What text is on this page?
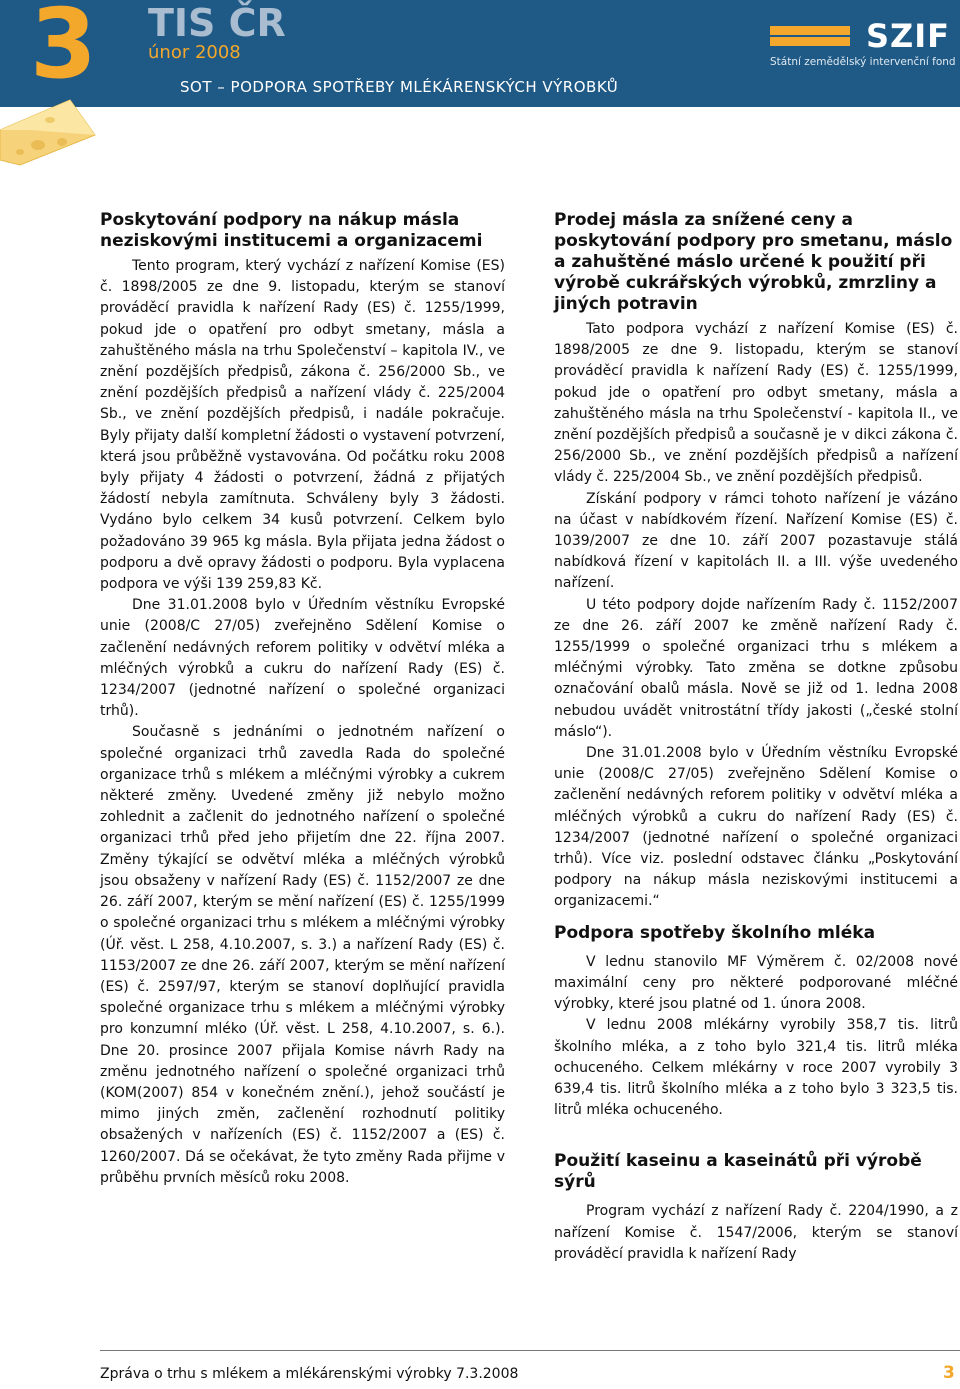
3 TIS ČR
únor 2008
SOT – PODPORA SPOTŘEBY MLÉKÁRENSKÝCH VÝROBKŮ
SZIF
Státní zemědělský intervenční fond
Poskytování podpory na nákup másla neziskovými institucemi a organizacemi

Tento program, který vychází z nařízení Komise (ES) č. 1898/2005 ze dne 9. listopadu, kterým se stanoví prováděcí pravidla k nařízení Rady (ES) č. 1255/1999, pokud jde o opatření pro odbyt smetany, másla a zahuštěného másla na trhu Společenství – kapitola IV., ve znění pozdějších předpisů, zákona č. 256/2000 Sb., ve znění pozdějších předpisů a nařízení vlády č. 225/2004 Sb., ve znění pozdějších předpisů, i nadále pokračuje. Byly přijaty další kompletní žádosti o vystavení potvrzení, která jsou průběžně vystavována. Od počátku roku 2008 byly přijaty 4 žádosti o potvrzení, žádná z přijatých žádostí nebyla zamítnuta. Schváleny byly 3 žádosti. Vydáno bylo celkem 34 kusů potvrzení. Celkem bylo požadováno 39 965 kg másla. Byla přijata jedna žádost o podporu a dvě opravy žádosti o podporu. Byla vyplacena podpora ve výši 139 259,83 Kč.

Dne 31.01.2008 bylo v Úředním věstníku Evropské unie (2008/C 27/05) zveřejněno Sdělení Komise o začlenění nedávných reforem politiky v odvětví mléka a mléčných výrobků a cukru do nařízení Rady (ES) č. 1234/2007 (jednotné nařízení o společné organizaci trhů).

Současně s jednáními o jednotném nařízení o společné organizaci trhů zavedla Rada do společné organizace trhů s mlékem a mléčnými výrobky a cukrem některé změny. Uvedené změny již nebylo možno zohlednit a začlenit do jednotného nařízení o společné organizaci trhů před jeho přijetím dne 22. října 2007. Změny týkající se odvětví mléka a mléčných výrobků jsou obsaženy v nařízení Rady (ES) č. 1152/2007 ze dne 26. září 2007, kterým se mění nařízení (ES) č. 1255/1999 o společné organizaci trhu s mlékem a mléčnými výrobky (Úř. věst. L 258, 4.10.2007, s. 3.) a nařízení Rady (ES) č. 1153/2007 ze dne 26. září 2007, kterým se mění nařízení (ES) č. 2597/97, kterým se stanoví doplňující pravidla společné organizace trhu s mlékem a mléčnými výrobky pro konzumní mléko (Úř. věst. L 258, 4.10.2007, s. 6.). Dne 20. prosince 2007 přijala Komise návrh Rady na změnu jednotného nařízení o společné organizaci trhů (KOM(2007) 854 v konečném znění.), jehož součástí je mimo jiných změn, začlenění rozhodnutí politiky obsažených v nařízeních (ES) č. 1152/2007 a (ES) č. 1260/2007. Dá se očekávat, že tyto změny Rada přijme v průběhu prvních měsíců roku 2008.

Prodej másla za snížené ceny a poskytování podpory pro smetanu, máslo a zahuštěné máslo určené k použití při výrobě cukrářských výrobků, zmrzliny a jiných potravin

Tato podpora vychází z nařízení Komise (ES) č. 1898/2005 ze dne 9. listopadu, kterým se stanoví prováděcí pravidla k nařízení Rady (ES) č. 1255/1999, pokud jde o opatření pro odbyt smetany, másla a zahuštěného másla na trhu Společenství - kapitola II., ve znění pozdějších předpisů a současně je v dikci zákona č. 256/2000 Sb., ve znění pozdějších předpisů a nařízení vlády č. 225/2004 Sb., ve znění pozdějších předpisů.

Získání podpory v rámci tohoto nařízení je vázáno na účast v nabídkovém řízení. Nařízení Komise (ES) č. 1039/2007 ze dne 10. září 2007 pozastavuje stálá nabídková řízení v kapitolách II. a III. výše uvedeného nařízení.

U této podpory dojde nařízením Rady č. 1152/2007 ze dne 26. září 2007 ke změně nařízení Rady č. 1255/1999 o společné organizaci trhu s mlékem a mléčnými výrobky. Tato změna se dotkne způsobu označování obalů másla. Nově se již od 1. ledna 2008 nebudou uvádět vnitrostátní třídy jakosti („české stolní máslo“).

Dne 31.01.2008 bylo v Úředním věstníku Evropské unie (2008/C 27/05) zveřejněno Sdělení Komise o začlenění nedávných reforem politiky v odvětví mléka a mléčných výrobků a cukru do nařízení Rady (ES) č. 1234/2007 (jednotné nařízení o společné organizaci trhů). Více viz. poslední odstavec článku „Poskytování podpory na nákup másla neziskovými institucemi a organizacemi.“

Podpora spotřeby školního mléka

V lednu stanovilo MF Výměrem č. 02/2008 nové maximální ceny pro některé podporované mléčné výrobky, které jsou platné od 1. února 2008.

V lednu 2008 mlékárny vyrobily 358,7 tis. litrů školního mléka, a z toho bylo 321,4 tis. litrů mléka ochuceného. Celkem mlékárny v roce 2007 vyrobily 3 639,4 tis. litrů školního mléka a z toho bylo 3 323,5 tis. litrů mléka ochuceného.

Použití kaseinu a kaseinátů při výrobě sýrů

Program vychází z nařízení Rady č. 2204/1990, a z nařízení Komise č. 1547/2006, kterým se stanoví prováděcí pravidla k nařízení Rady

Zpráva o trhu s mlékem a mlékárenskými výrobky 7.3.2008	3
